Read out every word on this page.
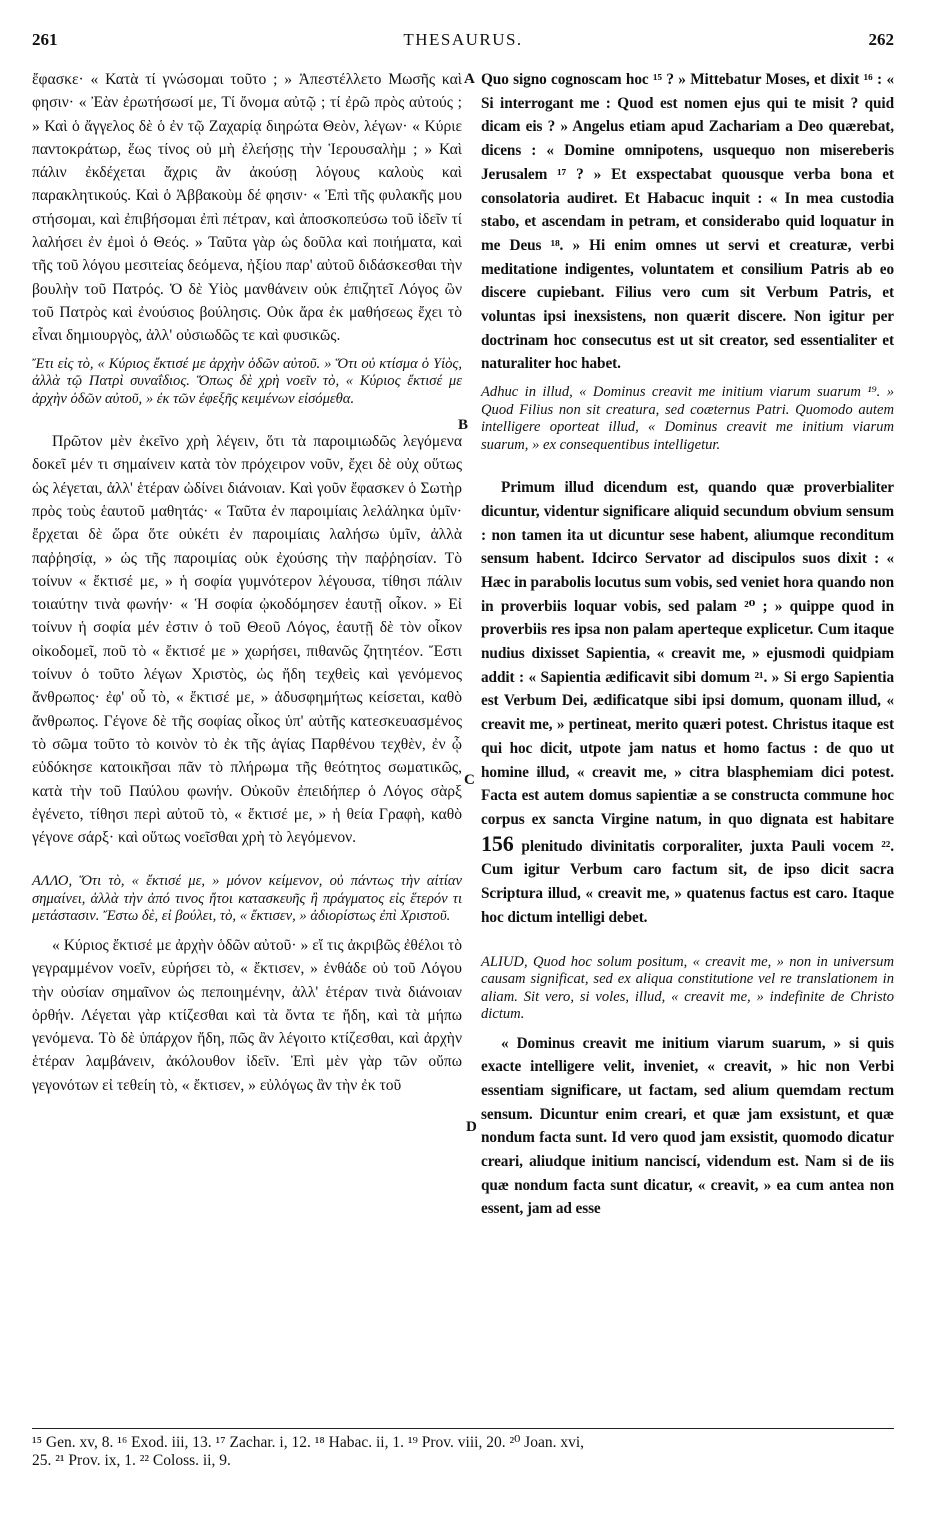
261	THESAURUS.	262
A
B
C
D

ἔφασκε· « Κατὰ τί γνώσομαι τοῦτο ; » Ἀπεστέλλετο Μωσῆς καὶ φησιν· « Ἐὰν ἐρωτήσωσί με, Τί ὄνομα αὐτῷ ; τί ἐρῶ πρὸς αὐτούς ; » Καὶ ὁ ἄγγελος δὲ ὁ ἐν τῷ Ζαχαρίᾳ διηρώτα Θεὸν, λέγων· « Κύριε παντοκράτωρ, ἕως τίνος οὐ μὴ ἐλεήσῃς τὴν Ἱερουσαλὴμ ; » Καὶ πάλιν ἐκδέχεται ἄχρις ἂν ἀκούσῃ λόγους καλοὺς καὶ παρακλητικούς. Καὶ ὁ Ἀββακοὺμ δέ φησιν· « Ἐπὶ τῆς φυλακῆς μου στήσομαι, καὶ ἐπιβήσομαι ἐπὶ πέτραν, καὶ ἀποσκοπεύσω τοῦ ἰδεῖν τί λαλήσει ἐν ἐμοὶ ὁ Θεός. » Ταῦτα γὰρ ὡς δοῦλα καὶ ποιήματα, καὶ τῆς τοῦ λόγου μεσιτείας δεόμενα, ἠξίου παρ' αὐτοῦ διδάσκεσθαι τὴν βουλὴν τοῦ Πατρός. Ὁ δὲ Υἱὸς μανθάνειν οὐκ ἐπιζητεῖ Λόγος ὢν τοῦ Πατρὸς καὶ ἐνούσιος βούλησις. Οὐκ ἄρα ἐκ μαθήσεως ἔχει τὸ εἶναι δημιουργὸς, ἀλλ' οὐσιωδῶς τε καὶ φυσικῶς.

Ἔτι εἰς τὸ, « Κύριος ἔκτισέ με ἀρχὴν ὁδῶν αὐτοῦ. » Ὅτι οὐ κτίσμα ὁ Υἱὸς, ἀλλὰ τῷ Πατρὶ συναΐδιος. Ὅπως δὲ χρὴ νοεῖν τὸ, « Κύριος ἔκτισέ με ἀρχὴν ὁδῶν αὐτοῦ, » ἐκ τῶν ἐφεξῆς κειμένων εἰσόμεθα.

Πρῶτον μὲν ἐκεῖνο χρὴ λέγειν, ὅτι τὰ παροιμιωδῶς λεγόμενα δοκεῖ μέν τι σημαίνειν κατὰ τὸν πρόχειρον νοῦν, ἔχει δὲ οὐχ οὕτως ὡς λέγεται, ἀλλ' ἑτέραν ὠδίνει διάνοιαν. Καὶ γοῦν ἔφασκεν ὁ Σωτὴρ πρὸς τοὺς ἑαυτοῦ μαθητάς· « Ταῦτα ἐν παροιμίαις λελάληκα ὑμῖν· ἔρχεται δὲ ὥρα ὅτε οὐκέτι ἐν παροιμίαις λαλήσω ὑμῖν, ἀλλὰ παῤῥησίᾳ, » ὡς τῆς παροιμίας οὐκ ἐχούσης τὴν παῤῥησίαν. Τὸ τοίνυν « ἔκτισέ με, » ἡ σοφία γυμνότερον λέγουσα, τίθησι πάλιν τοιαύτην τινὰ φωνήν· « Ἡ σοφία ᾠκοδόμησεν ἑαυτῇ οἶκον. » Εἰ τοίνυν ἡ σοφία μέν ἐστιν ὁ τοῦ Θεοῦ Λόγος, ἑαυτῇ δὲ τὸν οἶκον οἰκοδομεῖ, ποῦ τὸ « ἔκτισέ με » χωρήσει, πιθανῶς ζητητέον. Ἔστι τοίνυν ὁ τοῦτο λέγων Χριστὸς, ὡς ἤδη τεχθεὶς καὶ γενόμενος ἄνθρωπος· ἐφ' οὗ τὸ, « ἔκτισέ με, » ἀδυσφημήτως κείσεται, καθὸ ἄνθρωπος. Γέγονε δὲ τῆς σοφίας οἶκος ὑπ' αὐτῆς κατεσκευασμένος τὸ σῶμα τοῦτο τὸ κοινὸν τὸ ἐκ τῆς ἁγίας Παρθένου τεχθὲν, ἐν ᾧ εὐδόκησε κατοικῆσαι πᾶν τὸ πλήρωμα τῆς θεότητος σωματικῶς, κατὰ τὴν τοῦ Παύλου φωνήν. Οὐκοῦν ἐπειδήπερ ὁ Λόγος σὰρξ ἐγένετο, τίθησι περὶ αὐτοῦ τὸ, « ἔκτισέ με, » ἡ θεία Γραφὴ, καθὸ γέγονε σάρξ· καὶ οὕτως νοεῖσθαι χρὴ τὸ λεγόμενον.

ΑΛΛΟ, Ὅτι τὸ, « ἔκτισέ με, » μόνον κείμενον, οὐ πάντως τὴν αἰτίαν σημαίνει, ἀλλὰ τὴν ἀπό τινος ἤτοι κατασκευῆς ἢ πράγματος εἰς ἕτερόν τι μετάστασιν. Ἔστω δὲ, εἰ βούλει, τὸ, « ἔκτισεν, » ἀδιορίστως ἐπὶ Χριστοῦ.

« Κύριος ἔκτισέ με ἀρχὴν ὁδῶν αὐτοῦ· » εἴ τις ἀκριβῶς ἐθέλοι τὸ γεγραμμένον νοεῖν, εὑρήσει τὸ, « ἔκτισεν, » ἐνθάδε οὐ τοῦ Λόγου τὴν οὐσίαν σημαῖνον ὡς πεποιημένην, ἀλλ' ἑτέραν τινὰ διάνοιαν ὀρθήν. Λέγεται γὰρ κτίζεσθαι καὶ τὰ ὄντα τε ἤδη, καὶ τὰ μήπω γενόμενα. Τὸ δὲ ὑπάρχον ἤδη, πῶς ἂν λέγοιτο κτίζεσθαι, καὶ ἀρχὴν ἑτέραν λαμβάνειν, ἀκόλουθον ἰδεῖν. Ἐπὶ μὲν γὰρ τῶν οὔπω γεγονότων εἰ τεθείη τὸ, « ἔκτισεν, » εὐλόγως ἂν τὴν ἐκ τοῦ

Quo signo cognoscam hoc ¹⁵ ? » Mittebatur Moses, et dixit ¹⁶ : « Si interrogant me : Quod est nomen ejus qui te misit ? quid dicam eis ? » Angelus etiam apud Zachariam a Deo quærebat, dicens : « Domine omnipotens, usquequo non misereberis Jerusalem ¹⁷ ? » Et exspectabat quousque verba bona et consolatoria audiret. Et Habacuc inquit : « In mea custodia stabo, et ascendam in petram, et considerabo quid loquatur in me Deus ¹⁸. » Hi enim omnes ut servi et creaturæ, verbi meditatione indigentes, voluntatem et consilium Patris ab eo discere cupiebant. Filius vero cum sit Verbum Patris, et voluntas ipsi inexsistens, non quærit discere. Non igitur per doctrinam hoc consecutus est ut sit creator, sed essentialiter et naturaliter hoc habet.

Adhuc in illud, « Dominus creavit me initium viarum suarum ¹⁹. » Quod Filius non sit creatura, sed coæternus Patri. Quomodo autem intelligere oporteat illud, « Dominus creavit me initium viarum suarum, » ex consequentibus intelligetur.

Primum illud dicendum est, quando quæ proverbialiter dicuntur, videntur significare aliquid secundum obvium sensum : non tamen ita ut dicuntur sese habent, aliumque reconditum sensum habent. Idcirco Servator ad discipulos suos dixit : « Hæc in parabolis locutus sum vobis, sed veniet hora quando non in proverbiis loquar vobis, sed palam ²⁰ ; » quippe quod in proverbiis res ipsa non palam aperteque explicetur. Cum itaque nudius dixisset Sapientia, « creavit me, » ejusmodi quidpiam addit : « Sapientia ædificavit sibi domum ²¹. » Si ergo Sapientia est Verbum Dei, ædificatque sibi ipsi domum, quonam illud, « creavit me, » pertineat, merito quæri potest. Christus itaque est qui hoc dicit, utpote jam natus et homo factus : de quo ut homine illud, « creavit me, » citra blasphemiam dici potest. Facta est autem domus sapientiæ a se constructa commune hoc corpus ex sancta Virgine natum, in quo dignata est habitare 156 plenitudo divinitatis corporaliter, juxta Pauli vocem ²². Cum igitur Verbum caro factum sit, de ipso dicit sacra Scriptura illud, « creavit me, » quatenus factus est caro. Itaque hoc dictum intelligi debet.

ALIUD, Quod hoc solum positum, « creavit me, » non in universum causam significat, sed ex aliqua constitutione vel re translationem in aliam. Sit vero, si voles, illud, « creavit me, » indefinite de Christo dictum.

« Dominus creavit me initium viarum suarum, » si quis exacte intelligere velit, inveniet, « creavit, » hic non Verbi essentiam significare, ut factam, sed alium quemdam rectum sensum. Dicuntur enim creari, et quæ jam exsistunt, et quæ nondum facta sunt. Id vero quod jam exsistit, quomodo dicatur creari, aliudque initium nanciscí, videndum est. Nam si de iis quæ nondum facta sunt dicatur, « creavit, » ea cum antea non essent, jam ad esse

¹⁵ Gen. xv, 8. ¹⁶ Exod. iii, 13. ¹⁷ Zachar. i, 12. ¹⁸ Habac. ii, 1. ¹⁹ Prov. viii, 20. ²⁰ Joan. xvi,
25. ²¹ Prov. ix, 1. ²² Coloss. ii, 9.
